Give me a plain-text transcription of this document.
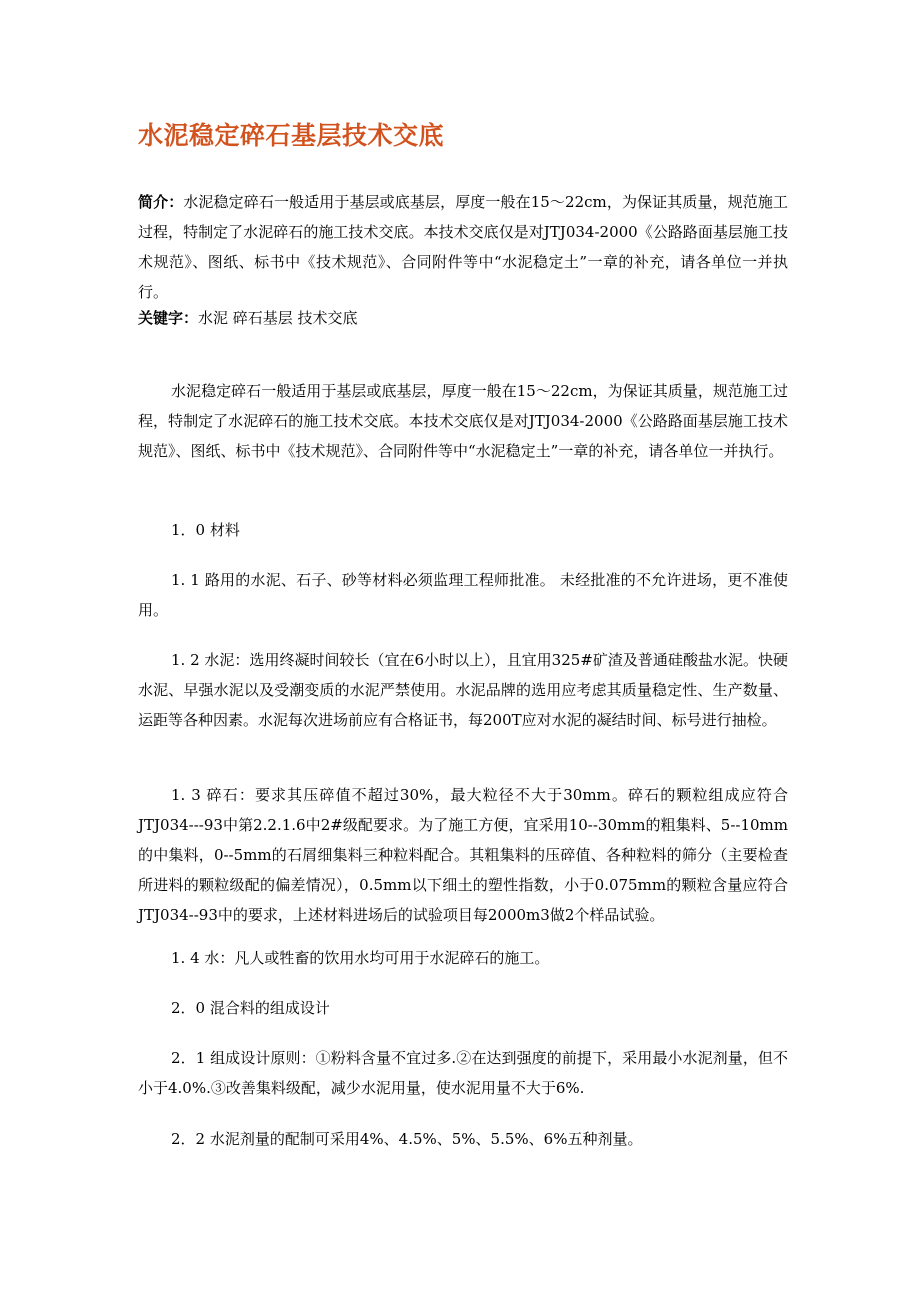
水泥稳定碎石基层技术交底
简介：水泥稳定碎石一般适用于基层或底基层，厚度一般在15～22cm，为保证其质量，规范施工过程，特制定了水泥碎石的施工技术交底。本技术交底仅是对JTJ034-2000《公路路面基层施工技术规范》、图纸、标书中《技术规范》、合同附件等中“水泥稳定土”一章的补充，请各单位一并执行。
关键字：水泥 碎石基层 技术交底
水泥稳定碎石一般适用于基层或底基层，厚度一般在15～22cm，为保证其质量，规范施工过程，特制定了水泥碎石的施工技术交底。本技术交底仅是对JTJ034-2000《公路路面基层施工技术规范》、图纸、标书中《技术规范》、合同附件等中“水泥稳定土”一章的补充，请各单位一并执行。
1．0 材料
1. 1 路用的水泥、石子、砂等材料必须监理工程师批准。 未经批准的不允许进场，更不准使用。
1. 2 水泥：选用终凝时间较长（宜在6小时以上），且宜用325#矿渣及普通硅酸盐水泥。快硬水泥、早强水泥以及受潮变质的水泥严禁使用。水泥品牌的选用应考虑其质量稳定性、生产数量、运距等各种因素。水泥每次进场前应有合格证书，每200T应对水泥的凝结时间、标号进行抽检。
1. 3 碎石：要求其压碎值不超过30%，最大粒径不大于30mm。碎石的颗粒组成应符合JTJ034---93中第2.2.1.6中2#级配要求。为了施工方便，宜采用10--30mm的粗集料、5--10mm的中集料，0--5mm的石屑细集料三种粒料配合。其粗集料的压碎值、各种粒料的筛分（主要检查所进料的颗粒级配的偏差情况），0.5mm以下细土的塑性指数，小于0.075mm的颗粒含量应符合JTJ034--93中的要求，上述材料进场后的试验项目每2000m3做2个样品试验。
1. 4 水：凡人或牲畜的饮用水均可用于水泥碎石的施工。
2．0 混合料的组成设计
2．1 组成设计原则：①粉料含量不宜过多.②在达到强度的前提下，采用最小水泥剂量，但不小于4.0%.③改善集料级配，减少水泥用量，使水泥用量不大于6%.
2．2 水泥剂量的配制可采用4%、4.5%、5%、5.5%、6%五种剂量。
